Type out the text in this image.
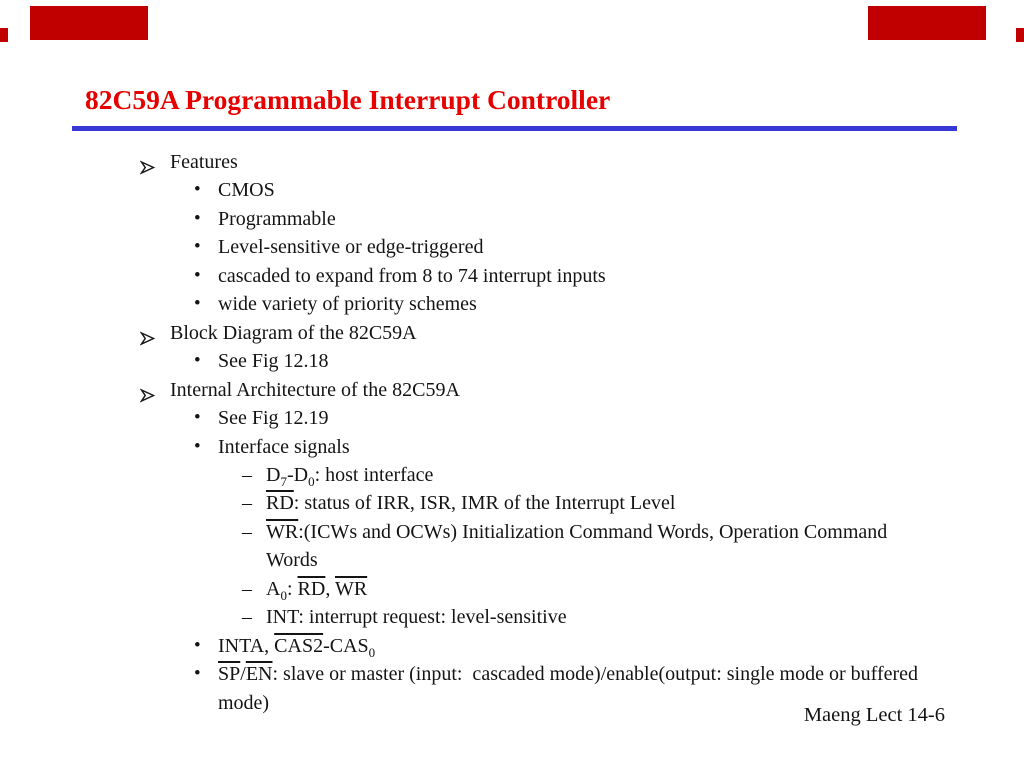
82C59A Programmable Interrupt Controller
Features
• CMOS
• Programmable
• Level-sensitive or edge-triggered
• cascaded to expand from 8 to 74 interrupt inputs
• wide variety of priority schemes
Block Diagram of the 82C59A
• See Fig 12.18
Internal Architecture of the 82C59A
• See Fig 12.19
• Interface signals
– $D_7-D_0$: host interface
– $\overline{RD}$: status of IRR, ISR, IMR of the Interrupt Level
– $\overline{WR}:(ICWs$ and OCWs) Initialization Command Words, Operation Command
Words
– $A_0$: $\overline{RD}$, $\overline{WR}$
– INT: interrupt request: level-sensitive
• INTA, $CAS2-CAS_0$
• $\overline{SP}/\overline{EN}$: slave or master (input:  cascaded mode)/enable(output: single mode or buffered
mode)
Maeng Lect 14-6
